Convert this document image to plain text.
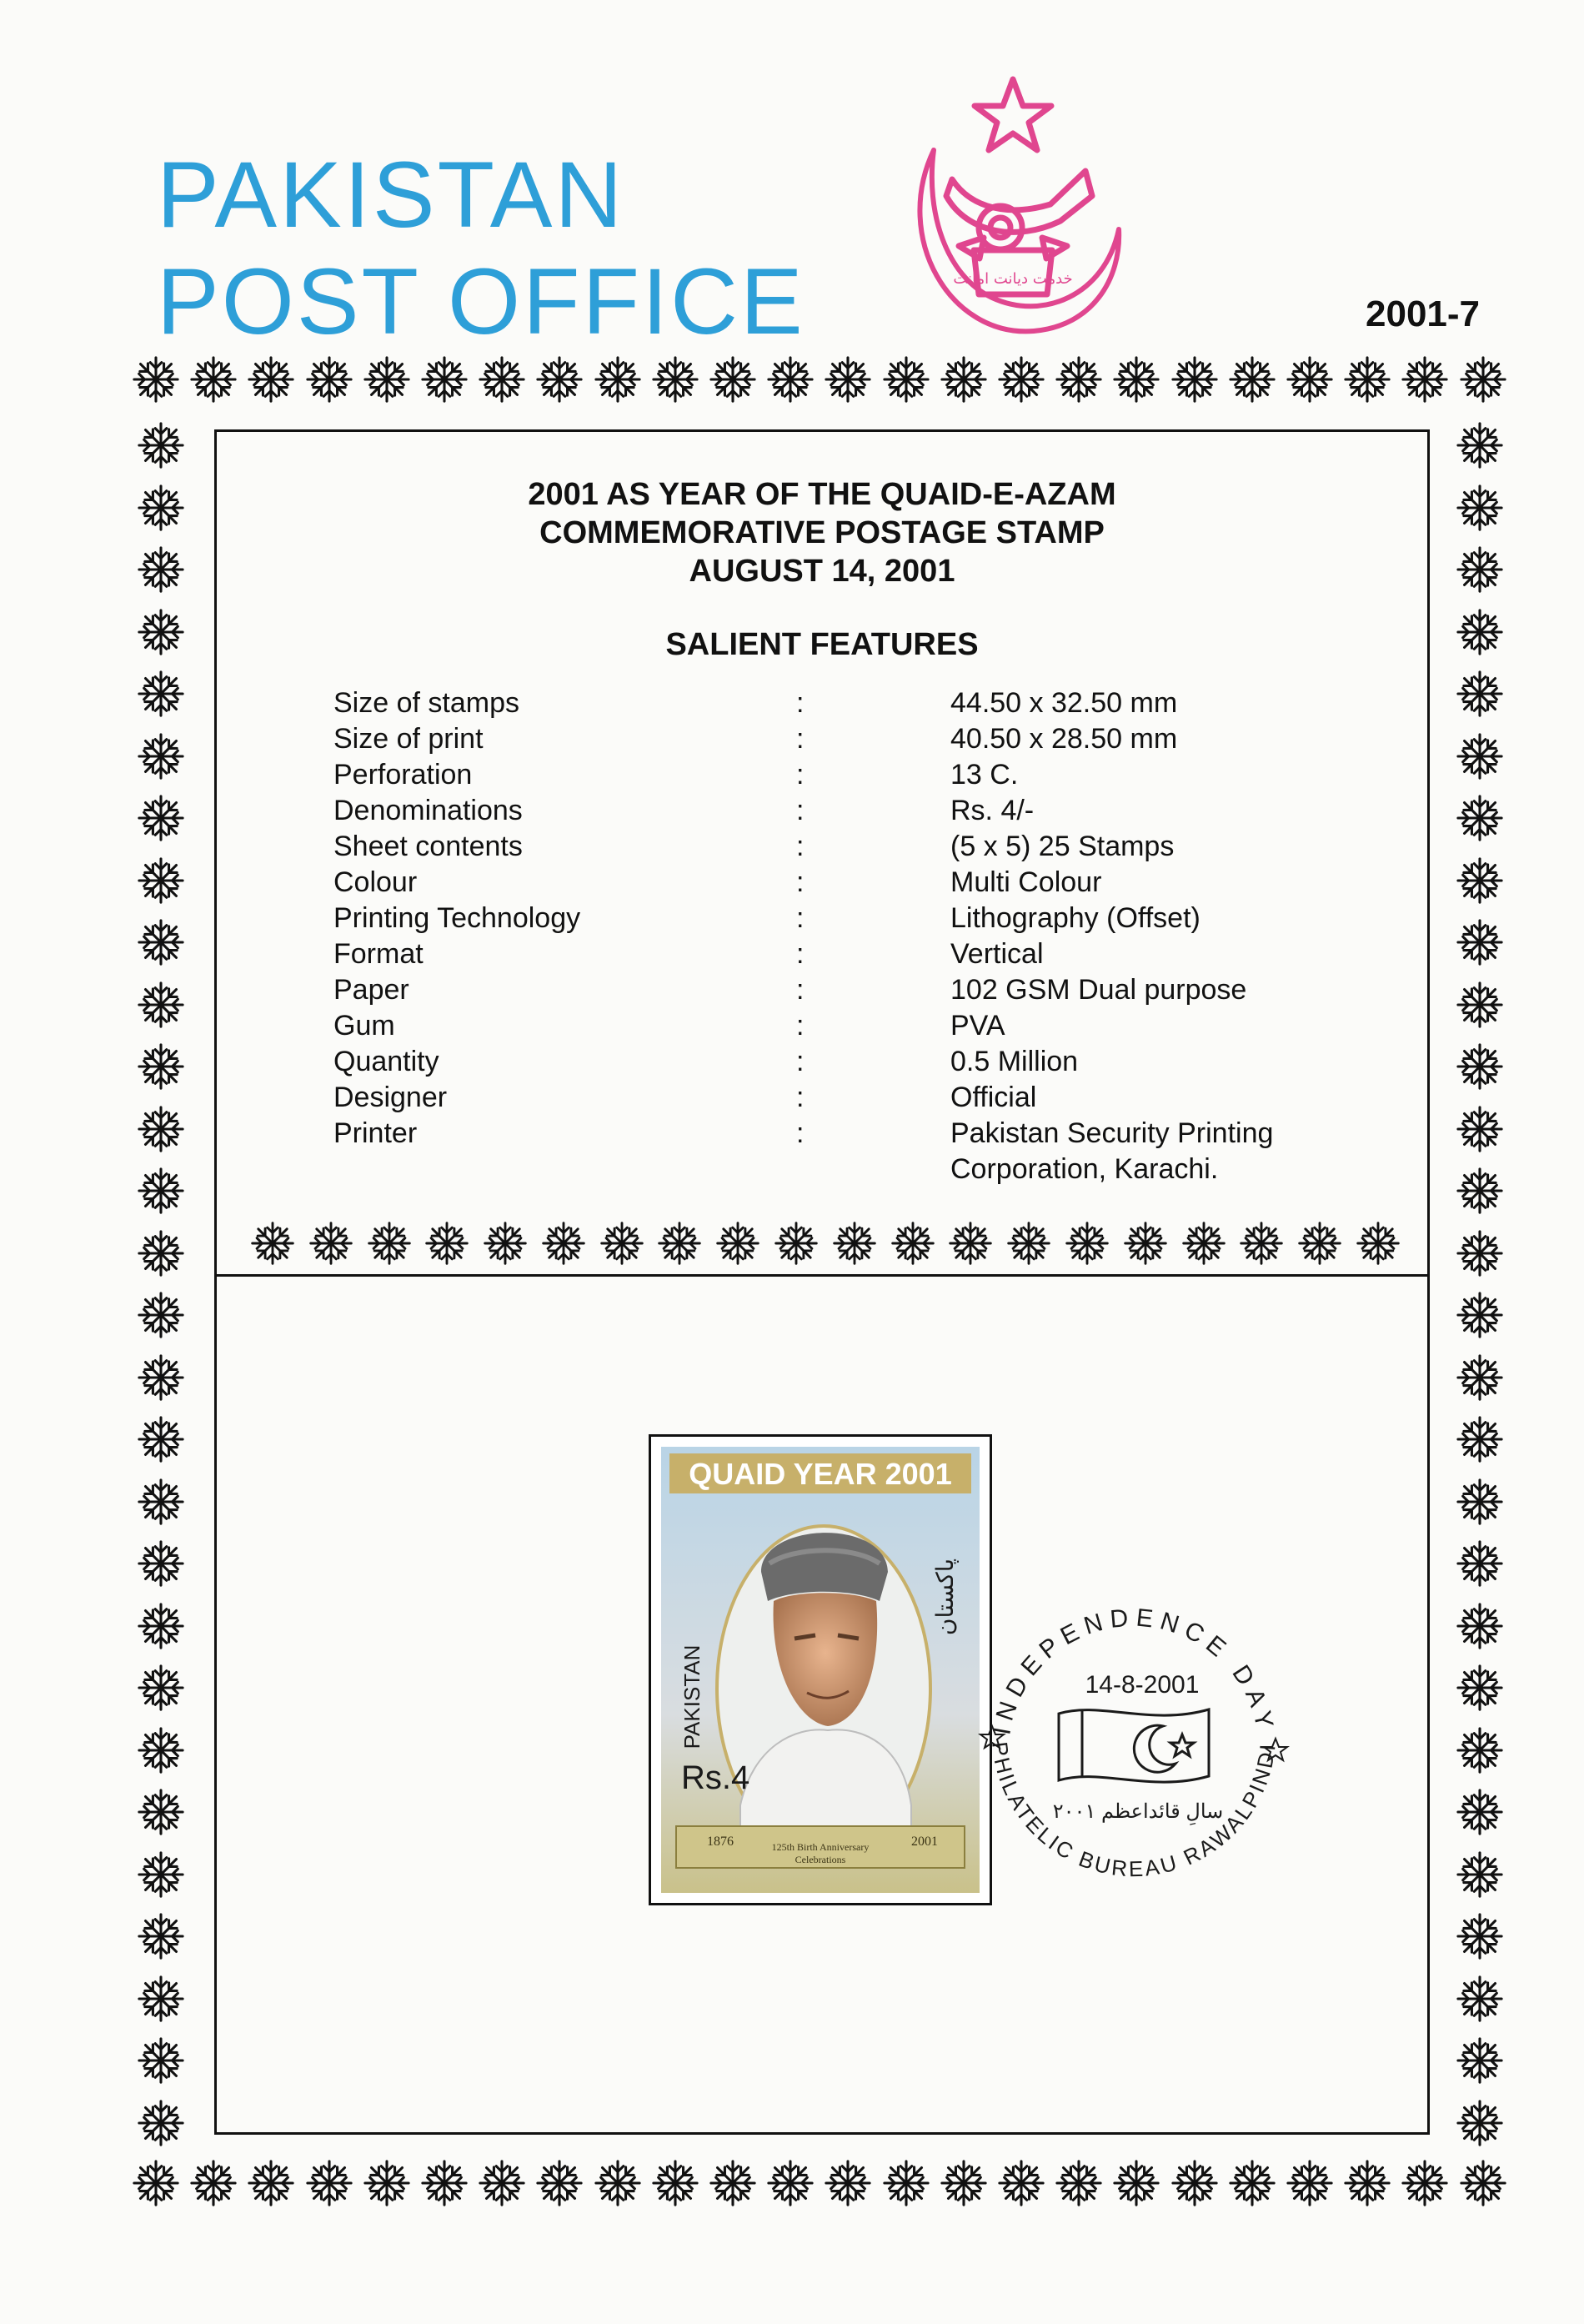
PAKISTAN
POST OFFICE	خدمت دیانت امانت
2001-7
2001 AS YEAR OF THE QUAID-E-AZAM
COMMEMORATIVE POSTAGE STAMP
AUGUST 14, 2001
SALIENT FEATURES
Size of stamps	:	44.50 x 32.50 mm
Size of print	:	40.50 x 28.50 mm
Perforation	:	13 C.
Denominations	:	Rs. 4/-
Sheet contents	:	(5 x 5) 25 Stamps
Colour	:	Multi Colour
Printing Technology	:	Lithography (Offset)
Format	:	Vertical
Paper	:	102 GSM Dual purpose
Gum	:	PVA
Quantity	:	0.5 Million
Designer	:	Official
Printer	:	Pakistan Security Printing
Corporation, Karachi.
QUAID YEAR 2001
PAKISTAN
پاکستان
Rs.4
1876	2001
125th Birth Anniversary
Celebrations
INDEPENDENCE DAY
PHILATELIC BUREAU RAWALPINDI
14-8-2001
سالِ قائداعظم ۲۰۰۱
